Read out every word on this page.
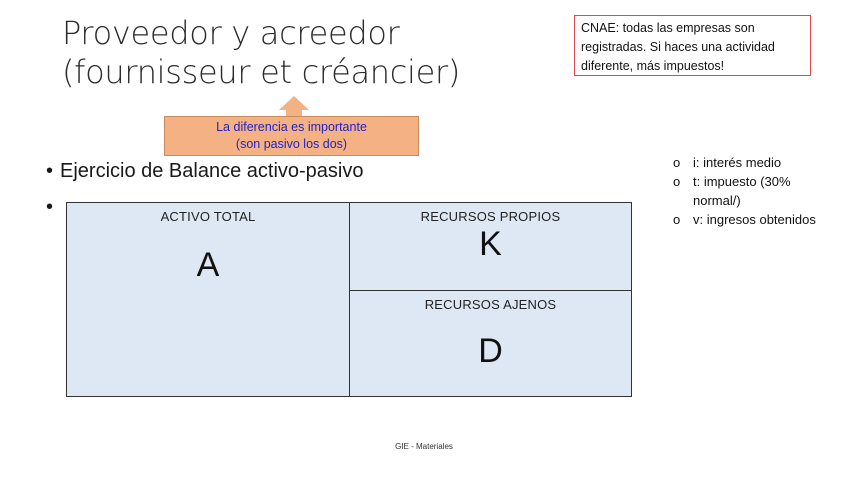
Proveedor y acreedor
(fournisseur et créancier)
CNAE: todas las empresas son registradas. Si haces una actividad diferente, más impuestos!
La diferencia es importante
(son pasivo los dos)
• Ejercicio de Balance activo-pasivo
•	ACTIVO TOTAL
A
RECURSOS PROPIOS
K
RECURSOS AJENOS
D
o i: interés medio
o t: impuesto (30% normal/)
o v: ingresos obtenidos
GIE - Materiales
